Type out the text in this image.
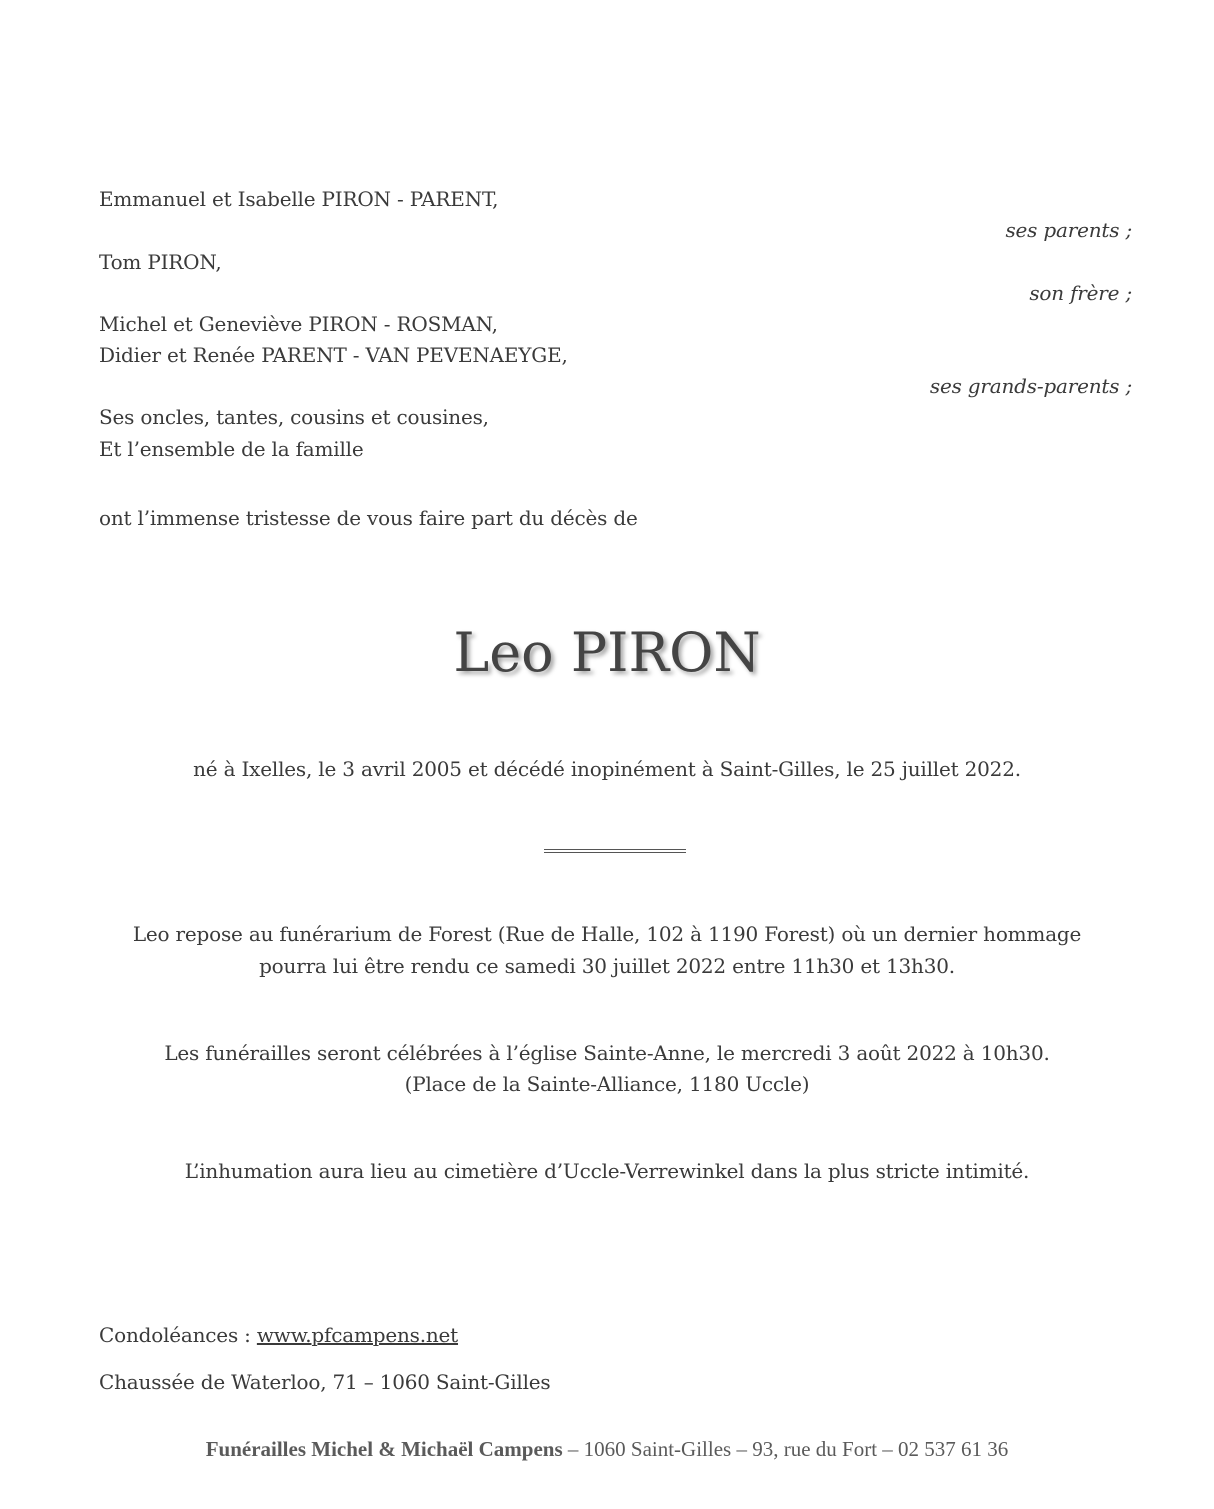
Emmanuel et Isabelle PIRON - PARENT,
ses parents ;
Tom PIRON,
son frère ;
Michel et Geneviève PIRON - ROSMAN,
Didier et Renée PARENT - VAN PEVENAEYGE,
ses grands-parents ;
Ses oncles, tantes, cousins et cousines,
Et l’ensemble de la famille
ont l’immense tristesse de vous faire part du décès de
Leo PIRON
né à Ixelles, le 3 avril 2005 et décédé inopinément à Saint-Gilles, le 25 juillet 2022.
Leo repose au funérarium de Forest (Rue de Halle, 102 à 1190 Forest) où un dernier hommage
pourra lui être rendu ce samedi 30 juillet 2022 entre 11h30 et 13h30.
Les funérailles seront célébrées à l’église Sainte-Anne, le mercredi 3 août 2022 à 10h30.
(Place de la Sainte-Alliance, 1180 Uccle)
L’inhumation aura lieu au cimetière d’Uccle-Verrewinkel dans la plus stricte intimité.
Condoléances : www.pfcampens.net
Chaussée de Waterloo, 71 – 1060 Saint-Gilles
Funérailles Michel & Michaël Campens – 1060 Saint-Gilles – 93, rue du Fort – 02 537 61 36
